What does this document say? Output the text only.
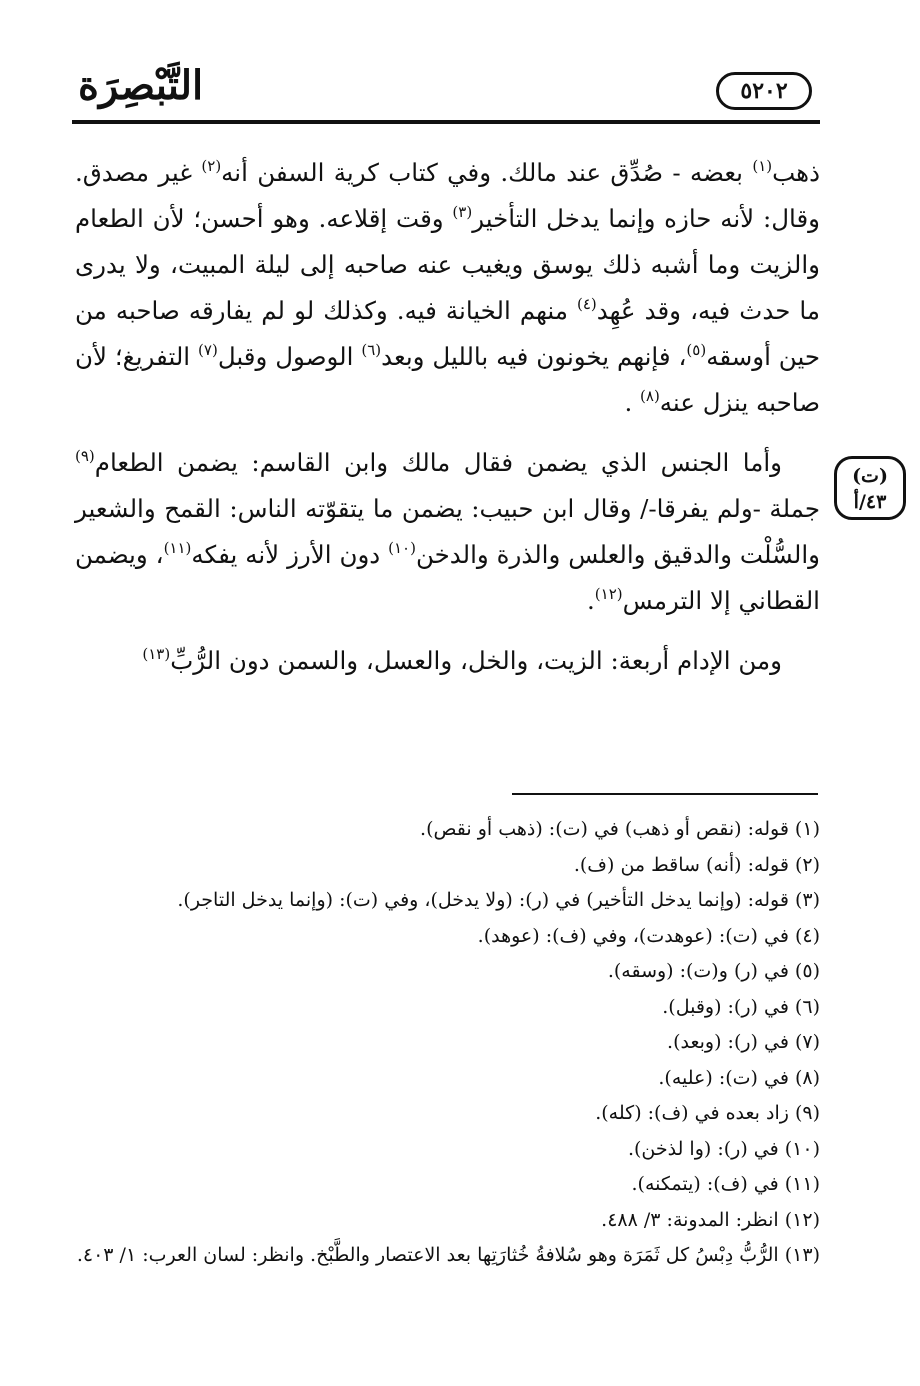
التَّبْصِرَة	٥٢٠٢

ذهب$^{(١)}$ بعضه - صُدِّق عند مالك. وفي كتاب كرية السفن أنه$^{(٢)}$ غير مصدق. وقال: لأنه حازه وإنما يدخل التأخير$^{(٣)}$ وقت إقلاعه. وهو أحسن؛ لأن الطعام والزيت وما أشبه ذلك يوسق ويغيب عنه صاحبه إلى ليلة المبيت، ولا يدرى ما حدث فيه، وقد عُهِد$^{(٤)}$ منهم الخيانة فيه. وكذلك لو لم يفارقه صاحبه من حين أوسقه$^{(٥)}$، فإنهم يخونون فيه بالليل وبعد$^{(٦)}$ الوصول وقبل$^{(٧)}$ التفريغ؛ لأن صاحبه ينزل عنه$^{(٨)}$ .

وأما الجنس الذي يضمن فقال مالك وابن القاسم: يضمن الطعام$^{(٩)}$ جملة -ولم يفرقا-/ وقال ابن حبيب: يضمن ما يتقوّته الناس: القمح والشعير والسُّلْت والدقيق والعلس والذرة والدخن$^{(١٠)}$ دون الأرز لأنه يفكه$^{(١١)}$، ويضمن القطاني إلا الترمس$^{(١٢)}$.

ومن الإدام أربعة: الزيت، والخل، والعسل، والسمن دون الرُّبِّ$^{(١٣)}$

(ت)
٤٣/أ
(١) قوله: (نقص أو ذهب) في (ت): (ذهب أو نقص).
(٢) قوله: (أنه) ساقط من (ف).
(٣) قوله: (وإنما يدخل التأخير) في (ر): (ولا يدخل)، وفي (ت): (وإنما يدخل التاجر).
(٤) في (ت): (عوهدت)، وفي (ف): (عوهد).
(٥) في (ر) و(ت): (وسقه).
(٦) في (ر): (وقبل).
(٧) في (ر): (وبعد).
(٨) في (ت): (عليه).
(٩) زاد بعده في (ف): (كله).
(١٠) في (ر): (وا لذخن).
(١١) في (ف): (يتمكنه).
(١٢) انظر: المدونة: ٣/ ٤٨٨.
(١٣) الرُّبُّ دِبْسُ كل ثَمَرَة وهو سُلافةُ خُثارَتِها بعد الاعتصار والطَّبْخ. وانظر: لسان العرب: ١/ ٤٠٣.
